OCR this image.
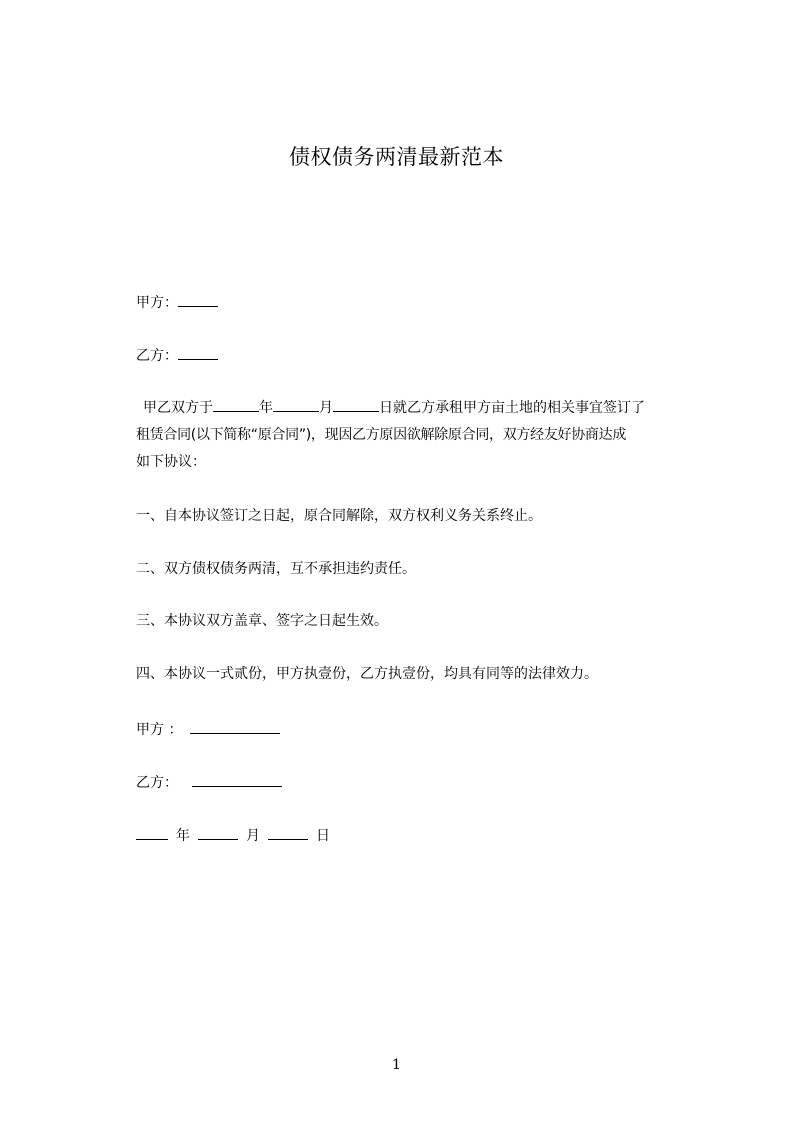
债权债务两清最新范本
甲方：
乙方：
 甲乙双方于	年	月	日就乙方承租甲方亩土地的相关事宜签订了
租赁合同(以下简称“原合同”)，现因乙方原因欲解除原合同，双方经友好协商达成
如下协议：
一、自本协议签订之日起，原合同解除，双方权利义务关系终止。
二、双方债权债务两清，互不承担违约责任。
三、本协议双方盖章、签字之日起生效。
四、本协议一式贰份，甲方执壹份，乙方执壹份，均具有同等的法律效力。
甲方 ：
乙方：
年	月	日
1
